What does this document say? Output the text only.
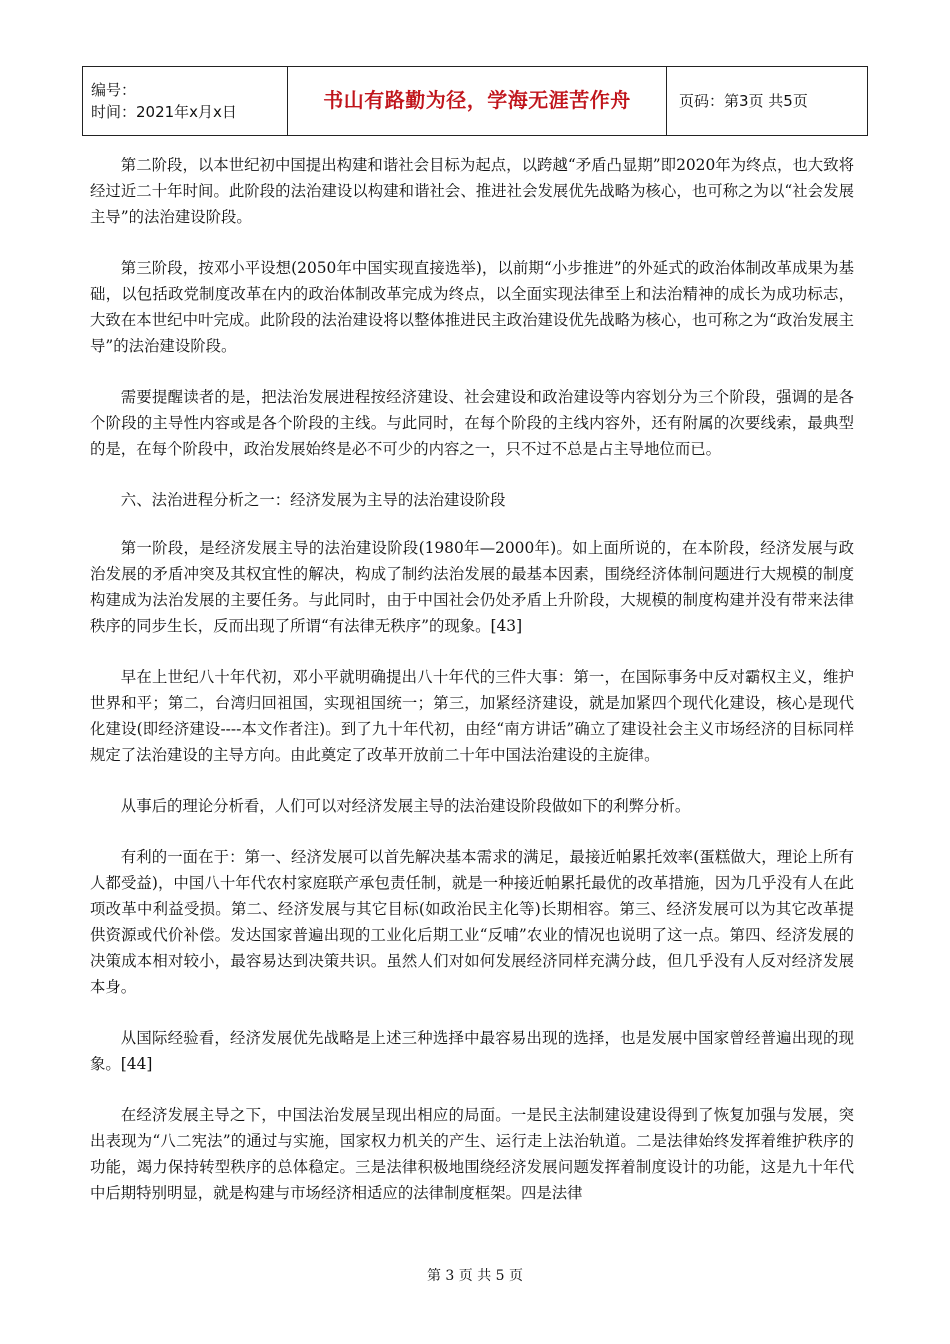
编号：
时间：2021年x月x日	书山有路勤为径，学海无涯苦作舟	页码：第3页 共5页

第二阶段，以本世纪初中国提出构建和谐社会目标为起点，以跨越“矛盾凸显期”即2020年为终点，也大致将经过近二十年时间。此阶段的法治建设以构建和谐社会、推进社会发展优先战略为核心，也可称之为以“社会发展主导”的法治建设阶段。

第三阶段，按邓小平设想(2050年中国实现直接选举)，以前期“小步推进”的外延式的政治体制改革成果为基础，以包括政党制度改革在内的政治体制改革完成为终点，以全面实现法律至上和法治精神的成长为成功标志，大致在本世纪中叶完成。此阶段的法治建设将以整体推进民主政治建设优先战略为核心，也可称之为“政治发展主导”的法治建设阶段。

需要提醒读者的是，把法治发展进程按经济建设、社会建设和政治建设等内容划分为三个阶段，强调的是各个阶段的主导性内容或是各个阶段的主线。与此同时，在每个阶段的主线内容外，还有附属的次要线索，最典型的是，在每个阶段中，政治发展始终是必不可少的内容之一，只不过不总是占主导地位而已。

六、法治进程分析之一：经济发展为主导的法治建设阶段

第一阶段，是经济发展主导的法治建设阶段(1980年—2000年)。如上面所说的，在本阶段，经济发展与政治发展的矛盾冲突及其权宜性的解决，构成了制约法治发展的最基本因素，围绕经济体制问题进行大规模的制度构建成为法治发展的主要任务。与此同时，由于中国社会仍处矛盾上升阶段，大规模的制度构建并没有带来法律秩序的同步生长，反而出现了所谓“有法律无秩序”的现象。[43]

早在上世纪八十年代初，邓小平就明确提出八十年代的三件大事：第一，在国际事务中反对霸权主义，维护世界和平；第二，台湾归回祖国，实现祖国统一；第三，加紧经济建设，就是加紧四个现代化建设，核心是现代化建设(即经济建设----本文作者注)。到了九十年代初，由经“南方讲话”确立了建设社会主义市场经济的目标同样规定了法治建设的主导方向。由此奠定了改革开放前二十年中国法治建设的主旋律。

从事后的理论分析看，人们可以对经济发展主导的法治建设阶段做如下的利弊分析。

有利的一面在于：第一、经济发展可以首先解决基本需求的满足，最接近帕累托效率(蛋糕做大，理论上所有人都受益)，中国八十年代农村家庭联产承包责任制，就是一种接近帕累托最优的改革措施，因为几乎没有人在此项改革中利益受损。第二、经济发展与其它目标(如政治民主化等)长期相容。第三、经济发展可以为其它改革提供资源或代价补偿。发达国家普遍出现的工业化后期工业“反哺”农业的情况也说明了这一点。第四、经济发展的决策成本相对较小，最容易达到决策共识。虽然人们对如何发展经济同样充满分歧，但几乎没有人反对经济发展本身。

从国际经验看，经济发展优先战略是上述三种选择中最容易出现的选择，也是发展中国家曾经普遍出现的现象。[44]

在经济发展主导之下，中国法治发展呈现出相应的局面。一是民主法制建设建设得到了恢复加强与发展，突出表现为“八二宪法”的通过与实施，国家权力机关的产生、运行走上法治轨道。二是法律始终发挥着维护秩序的功能，竭力保持转型秩序的总体稳定。三是法律积极地围绕经济发展问题发挥着制度设计的功能，这是九十年代中后期特别明显，就是构建与市场经济相适应的法律制度框架。四是法律

第 3 页 共 5 页
